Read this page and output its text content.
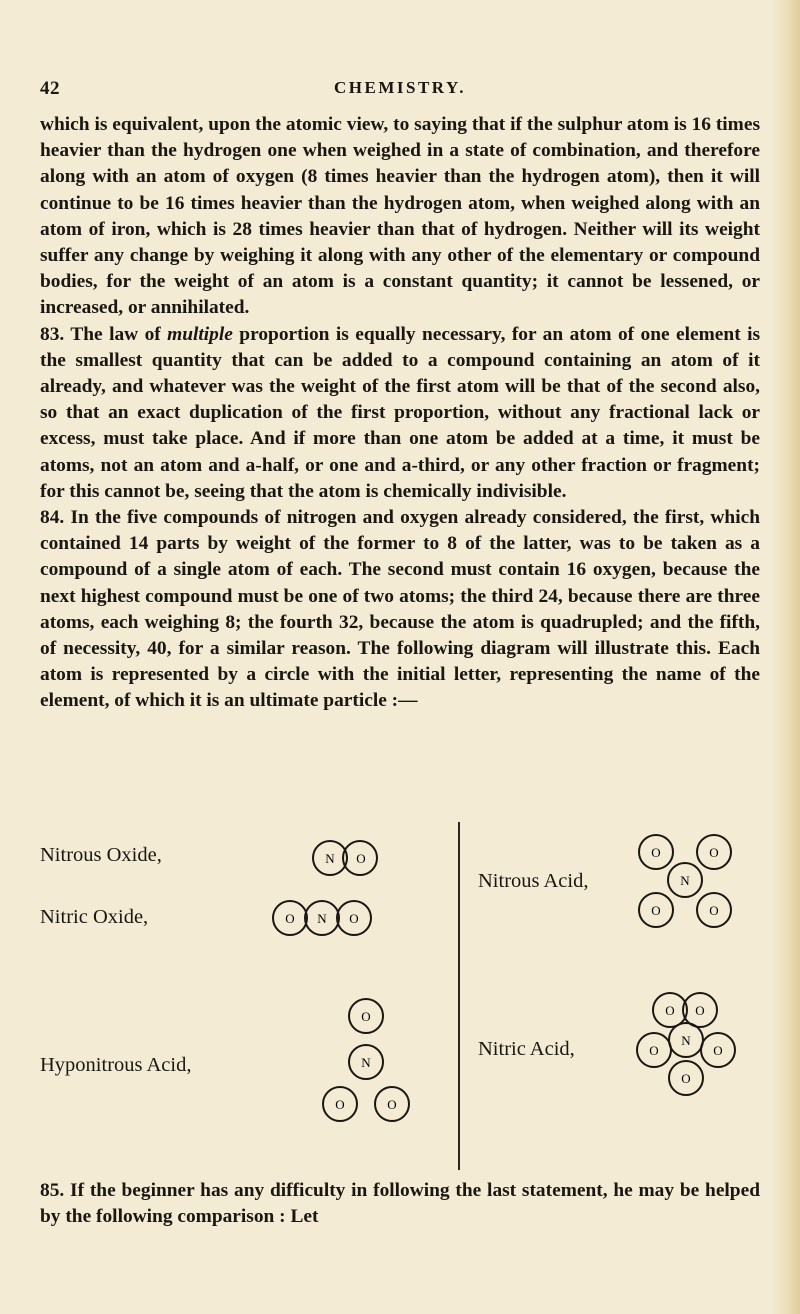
42	CHEMISTRY.

which is equivalent, upon the atomic view, to saying that if the sulphur atom is 16 times heavier than the hydrogen one when weighed in a state of combination, and therefore along with an atom of oxygen (8 times heavier than the hydrogen atom), then it will continue to be 16 times heavier than the hydrogen atom, when weighed along with an atom of iron, which is 28 times heavier than that of hydrogen. Neither will its weight suffer any change by weighing it along with any other of the elementary or compound bodies, for the weight of an atom is a constant quantity; it cannot be lessened, or increased, or annihilated.

83. The law of multiple proportion is equally necessary, for an atom of one element is the smallest quantity that can be added to a compound containing an atom of it already, and whatever was the weight of the first atom will be that of the second also, so that an exact duplication of the first proportion, without any fractional lack or excess, must take place. And if more than one atom be added at a time, it must be atoms, not an atom and a-half, or one and a-third, or any other fraction or fragment; for this cannot be, seeing that the atom is chemically indivisible.

84. In the five compounds of nitrogen and oxygen already considered, the first, which contained 14 parts by weight of the former to 8 of the latter, was to be taken as a compound of a single atom of each. The second must contain 16 oxygen, because the next highest compound must be one of two atoms; the third 24, because there are three atoms, each weighing 8; the fourth 32, because the atom is quadrupled; and the fifth, of necessity, 40, for a similar reason. The following diagram will illustrate this. Each atom is represented by a circle with the initial letter, representing the name of the element, of which it is an ultimate particle :—

Nitrous Oxide,	N O
Nitric Oxide,	O N O
Hyponitrous Acid,
O
N
O	O
Nitrous Acid,
O	O
N
O	O
Nitric Acid,
O O
N
O	O
O

85. If the beginner has any difficulty in following the last statement, he may be helped by the following comparison : Let
